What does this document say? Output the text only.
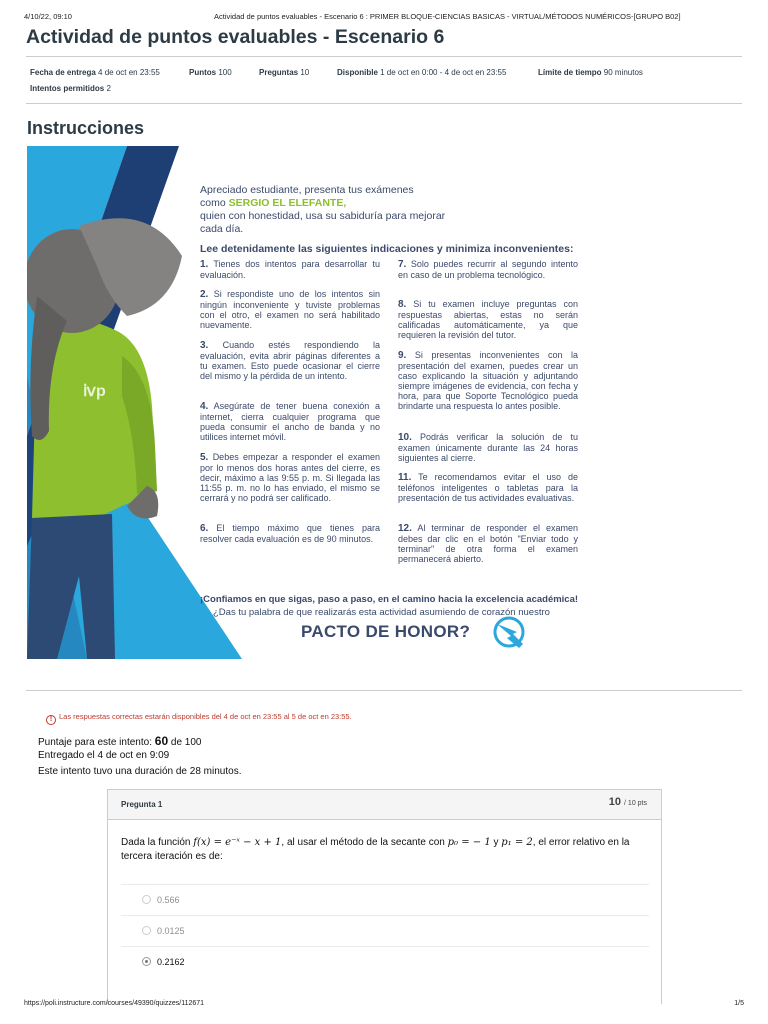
4/10/22, 09:10	Actividad de puntos evaluables - Escenario 6 : PRIMER BLOQUE-CIENCIAS BASICAS - VIRTUAL/MÉTODOS NUMÉRICOS-[GRUPO B02]
Actividad de puntos evaluables - Escenario 6
Fecha de entrega 4 de oct en 23:55	Puntos 100	Preguntas 10	Disponible 1 de oct en 0:00 - 4 de oct en 23:55	Límite de tiempo 90 minutos
Intentos permitidos 2
Instrucciones
ⅳp
Apreciado estudiante, presenta tus exámenes
como SERGIO EL ELEFANTE,
quien con honestidad, usa su sabiduría para mejorar cada día.
Lee detenidamente las siguientes indicaciones y minimiza inconvenientes:
1. Tienes dos intentos para desarrollar tu evaluación.
2. Si respondiste uno de los intentos sin ningún inconveniente y tuviste problemas con el otro, el examen no será habilitado nuevamente.
3. Cuando estés respondiendo la evaluación, evita abrir páginas diferentes a tu examen. Esto puede ocasionar el cierre del mismo y la pérdida de un intento.
4. Asegúrate de tener buena conexión a internet, cierra cualquier programa que pueda consumir el ancho de banda y no utilices internet móvil.
5. Debes empezar a responder el examen por lo menos dos horas antes del cierre, es decir, máximo a las 9:55 p. m. Si llegada las 11:55 p. m. no lo has enviado, el mismo se cerrará y no podrá ser calificado.
6. El tiempo máximo que tienes para resolver cada evaluación es de 90 minutos.
7. Solo puedes recurrir al segundo intento en caso de un problema tecnológico.
8. Si tu examen incluye preguntas con respuestas abiertas, estas no serán calificadas automáticamente, ya que requieren la revisión del tutor.
9. Si presentas inconvenientes con la presentación del examen, puedes crear un caso explicando la situación y adjuntando siempre imágenes de evidencia, con fecha y hora, para que Soporte Tecnológico pueda brindarte una respuesta lo antes posible.
10. Podrás verificar la solución de tu examen únicamente durante las 24 horas siguientes al cierre.
11. Te recomendamos evitar el uso de teléfonos inteligentes o tabletas para la presentación de tus actividades evaluativas.
12. Al terminar de responder el examen debes dar clic en el botón "Enviar todo y terminar" de otra forma el examen permanecerá abierto.
¡Confiamos en que sigas, paso a paso, en el camino hacia la excelencia académica!
¿Das tu palabra de que realizarás esta actividad asumiendo de corazón nuestro
PACTO DE HONOR?
! Las respuestas correctas estarán disponibles del 4 de oct en 23:55 al 5 de oct en 23:55.
Puntaje para este intento: 60 de 100
Entregado el 4 de oct en 9:09
Este intento tuvo una duración de 28 minutos.
Pregunta 1	10 / 10 pts
Dada la función f(x) = e⁻ˣ − x + 1, al usar el método de la secante con p₀ = − 1 y p₁ = 2, el error relativo en la tercera iteración es de:
0.566
0.0125
0.2162
https://poli.instructure.com/courses/49390/quizzes/112671	1/5
